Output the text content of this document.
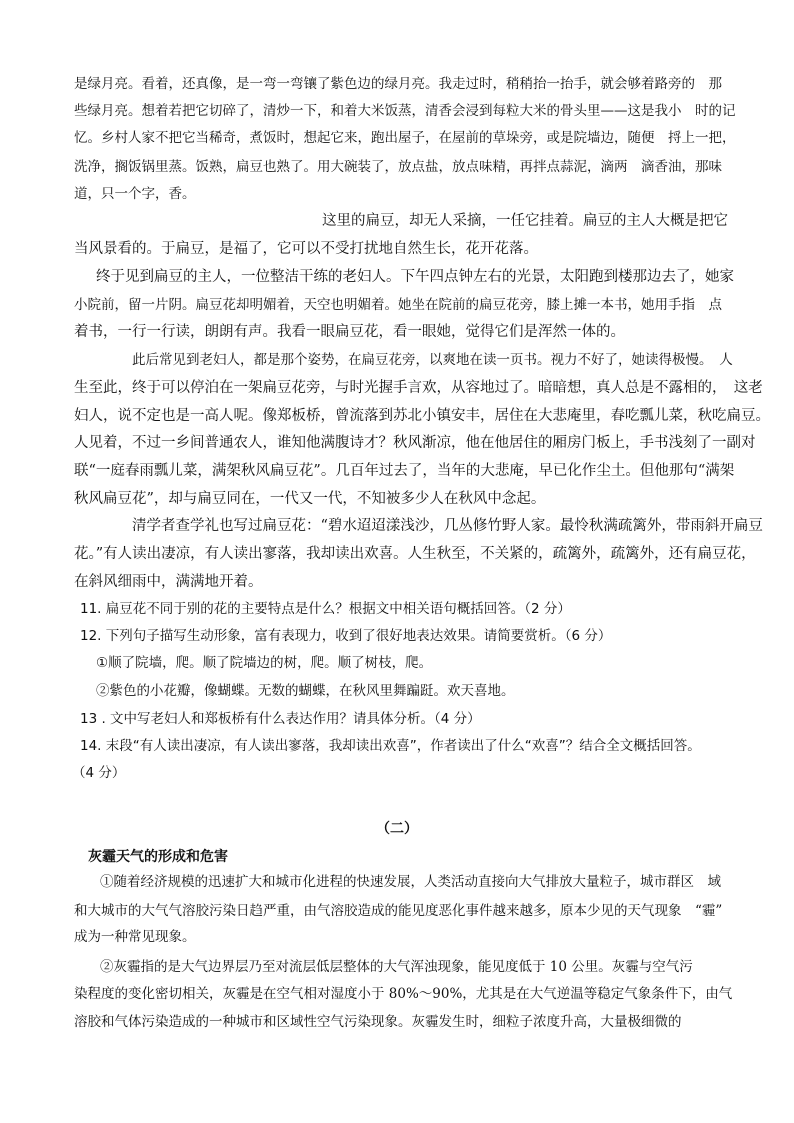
是绿月亮。看着，还真像，是一弯一弯镶了紫色边的绿月亮。我走过时，稍稍抬一抬手，就会够着路旁的　那
些绿月亮。想着若把它切碎了，清炒一下，和着大米饭蒸，清香会浸到每粒大米的骨头里——这是我小　时的记
忆。乡村人家不把它当稀奇，煮饭时，想起它来，跑出屋子，在屋前的草垛旁，或是院墙边，随便　捋上一把，
洗净，搁饭锅里蒸。饭熟，扁豆也熟了。用大碗装了，放点盐，放点味精，再拌点蒜泥，滴两　滴香油，那味
道，只一个字，香。
这里的扁豆，却无人采摘，一任它挂着。扁豆的主人大概是把它
当风景看的。于扁豆，是福了，它可以不受打扰地自然生长，花开花落。
终于见到扁豆的主人，一位整洁干练的老妇人。下午四点钟左右的光景，太阳跑到楼那边去了，她家
小院前，留一片阴。扁豆花却明媚着，天空也明媚着。她坐在院前的扁豆花旁，膝上摊一本书，她用手指　点
着书，一行一行读，朗朗有声。我看一眼扁豆花，看一眼她，觉得它们是浑然一体的。
此后常见到老妇人，都是那个姿势，在扁豆花旁，以爽地在读一页书。视力不好了，她读得极慢。　人
生至此，终于可以停泊在一架扁豆花旁，与时光握手言欢，从容地过了。暗暗想，真人总是不露相的，　这老
妇人，说不定也是一高人呢。像郑板桥，曾流落到苏北小镇安丰，居住在大悲庵里，春吃瓢儿菜，秋吃扁豆。
人见着，不过一乡间普通农人，谁知他满腹诗才？秋风渐凉，他在他居住的厢房门板上，手书浅刻了一副对
联“一庭春雨瓢儿菜，满架秋风扁豆花”。几百年过去了，当年的大悲庵，早已化作尘土。但他那句“满架
秋风扁豆花”，却与扁豆同在，一代又一代，不知被多少人在秋风中念起。
清学者查学礼也写过扁豆花：“碧水迢迢漾浅沙，几丛修竹野人家。最怜秋满疏篱外，带雨斜开扁豆
花。”有人读出凄凉，有人读出寥落，我却读出欢喜。人生秋至，不关紧的，疏篱外，疏篱外，还有扁豆花，
在斜风细雨中，满满地开着。
11. 扁豆花不同于别的花的主要特点是什么？根据文中相关语句概括回答。（2 分）
12. 下列句子描写生动形象，富有表现力，收到了很好地表达效果。请简要赏析。（6 分）
①顺了院墙，爬。顺了院墙边的树，爬。顺了树枝，爬。
②紫色的小花瓣，像蝴蝶。无数的蝴蝶，在秋风里舞蹁跹。欢天喜地。
13 . 文中写老妇人和郑板桥有什么表达作用？请具体分析。（4 分）
14. 末段“有人读出凄凉，有人读出寥落，我却读出欢喜”，作者读出了什么“欢喜”？结合全文概括回答。
（4 分）
（二）
灰霾天气的形成和危害
①随着经济规模的迅速扩大和城市化进程的快速发展，人类活动直接向大气排放大量粒子，城市群区　域
和大城市的大气气溶胶污染日趋严重，由气溶胶造成的能见度恶化事件越来越多，原本少见的天气现象　“霾”
成为一种常见现象。
②灰霾指的是大气边界层乃至对流层低层整体的大气浑浊现象，能见度低于 10 公里。灰霾与空气污
染程度的变化密切相关，灰霾是在空气相对湿度小于 80%～90%，尤其是在大气逆温等稳定气象条件下，由气
溶胶和气体污染造成的一种城市和区域性空气污染现象。灰霾发生时，细粒子浓度升高，大量极细微的
